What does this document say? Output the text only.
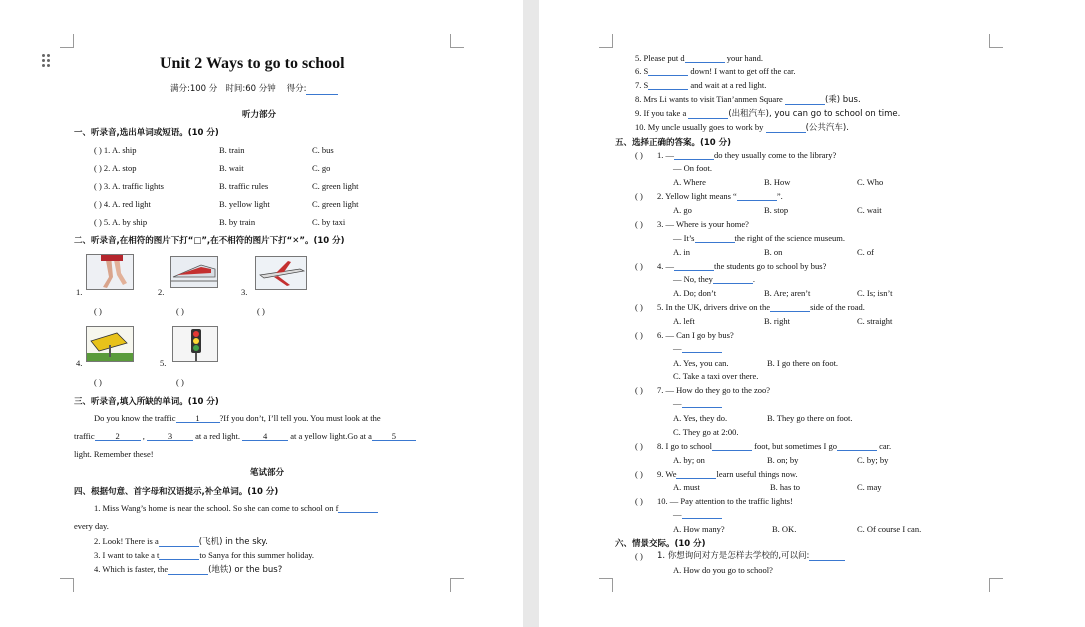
Unit 2 Ways to go to school
满分:100 分 时间:60 分钟 得分:
听力部分
一、听录音,选出单词或短语。(10 分)
( ) 1. A. ship	B. train	C. bus
( ) 2. A. stop	B. wait	C. go
( ) 3. A. traffic lights	B. traffic rules	C. green light
( ) 4. A. red light	B. yellow light	C. green light
( ) 5. A. by ship	B. by train	C. by taxi
二、听录音,在相符的图片下打“□”,在不相符的图片下打“✕”。(10 分)
1.	2.	3.
( )	( )	( )
4.	5.
( )	( )
三、听录音,填入所缺的单词。(10 分)
Do you know the traffic 1 ?If you don’t, I’ll tell you. You must look at the
traffic 2 , 3	at a red light.	4	at a yellow light.Go at a 5
light. Remember these!
笔试部分
四、根据句意、首字母和汉语提示,补全单词。(10 分)
1. Miss Wang’s home is near the school. So she can come to school on f
every day.
2. Look! There is a	(飞机) in the sky.
3. I want to take a t	to Sanya for this summer holiday.
4. Which is faster, the	(地铁) or the bus?
5. Please put d	your hand.
6. S	down! I want to get off the car.
7. S	and wait at a red light.
8. Mrs Li wants to visit Tian’anmen Square	(乘) bus.
9. If you take a	(出租汽车), you can go to school on time.
10. My uncle usually goes to work by	(公共汽车).
五、选择正确的答案。(10 分)
( ) 1. —	do they usually come to the library?
— On foot.
A. Where	B. How	C. Who
( ) 2. Yellow light means “	”.
A. go	B. stop	C. wait
( ) 3. — Where is your home?
— It’s	the right of the science museum.
A. in	B. on	C. of
( ) 4. —	the students go to school by bus?
— No, they	.
A. Do; don’t	B. Are; aren’t	C. Is; isn’t
( ) 5. In the UK, drivers drive on the	side of the road.
A. left	B. right	C. straight
( ) 6. — Can I go by bus?
—
A. Yes, you can.	B. I go there on foot.
C. Take a taxi over there.
( ) 7. — How do they go to the zoo?
—
A. Yes, they do.	B. They go there on foot.
C. They go at 2:00.
( ) 8. I go to school	foot, but sometimes I go	car.
A. by; on	B. on; by	C. by; by
( ) 9. We	learn useful things now.
A. must	B. has to	C. may
( ) 10. — Pay attention to the traffic lights!
—
A. How many?	B. OK.	C. Of course I can.
六、情景交际。(10 分)
( ) 1. 你想询问对方是怎样去学校的,可以问:
A. How do you go to school?
